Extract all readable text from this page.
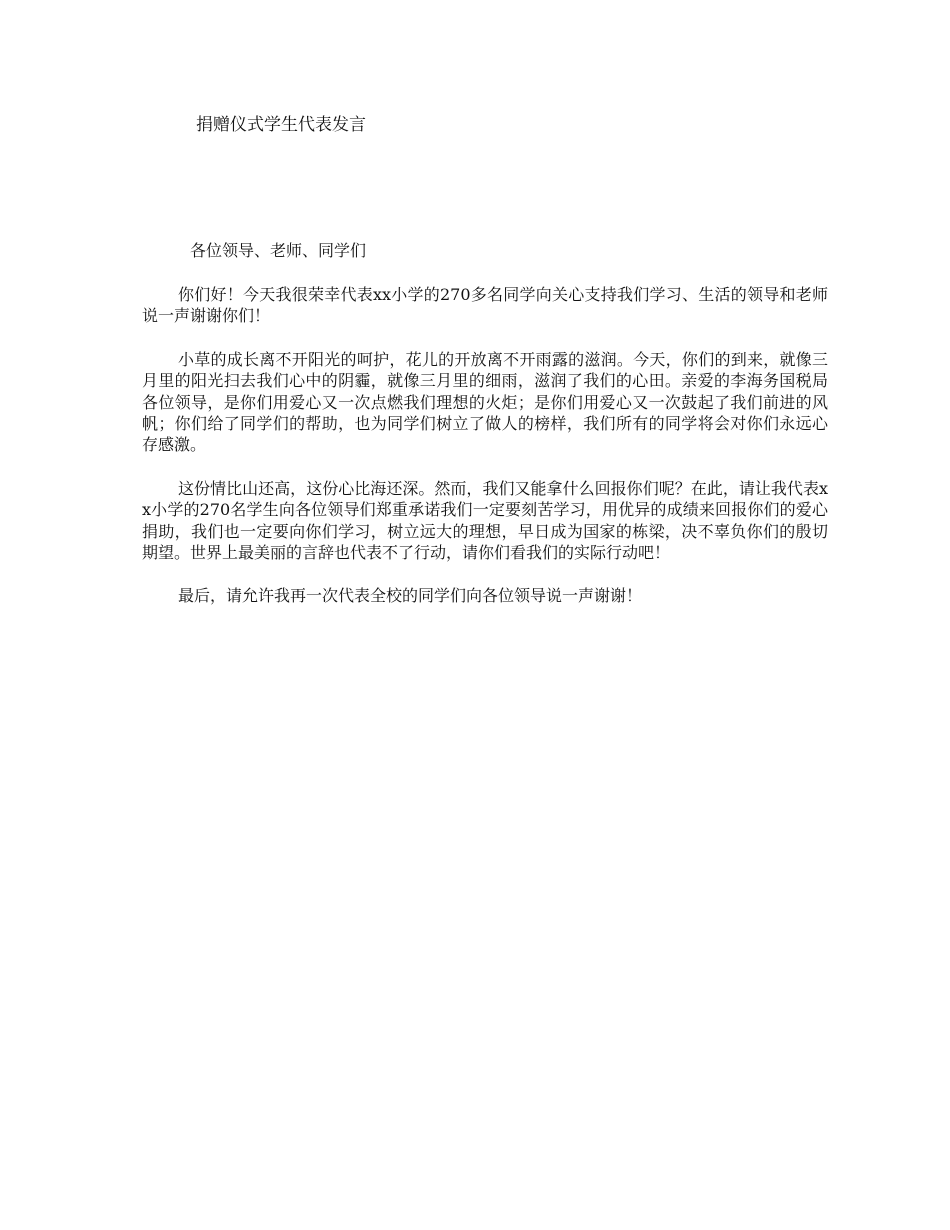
捐赠仪式学生代表发言

各位领导、老师、同学们

你们好！今天我很荣幸代表xx小学的270多名同学向关心支持我们学习、生活的领导和老师说一声谢谢你们！

小草的成长离不开阳光的呵护，花儿的开放离不开雨露的滋润。今天，你们的到来，就像三月里的阳光扫去我们心中的阴霾，就像三月里的细雨，滋润了我们的心田。亲爱的李海务国税局各位领导，是你们用爱心又一次点燃我们理想的火炬；是你们用爱心又一次鼓起了我们前进的风帆；你们给了同学们的帮助，也为同学们树立了做人的榜样，我们所有的同学将会对你们永远心存感激。

这份情比山还高，这份心比海还深。然而，我们又能拿什么回报你们呢？在此，请让我代表xx小学的270名学生向各位领导们郑重承诺我们一定要刻苦学习，用优异的成绩来回报你们的爱心捐助，我们也一定要向你们学习，树立远大的理想，早日成为国家的栋梁，决不辜负你们的殷切期望。世界上最美丽的言辞也代表不了行动，请你们看我们的实际行动吧！

最后，请允许我再一次代表全校的同学们向各位领导说一声谢谢！
